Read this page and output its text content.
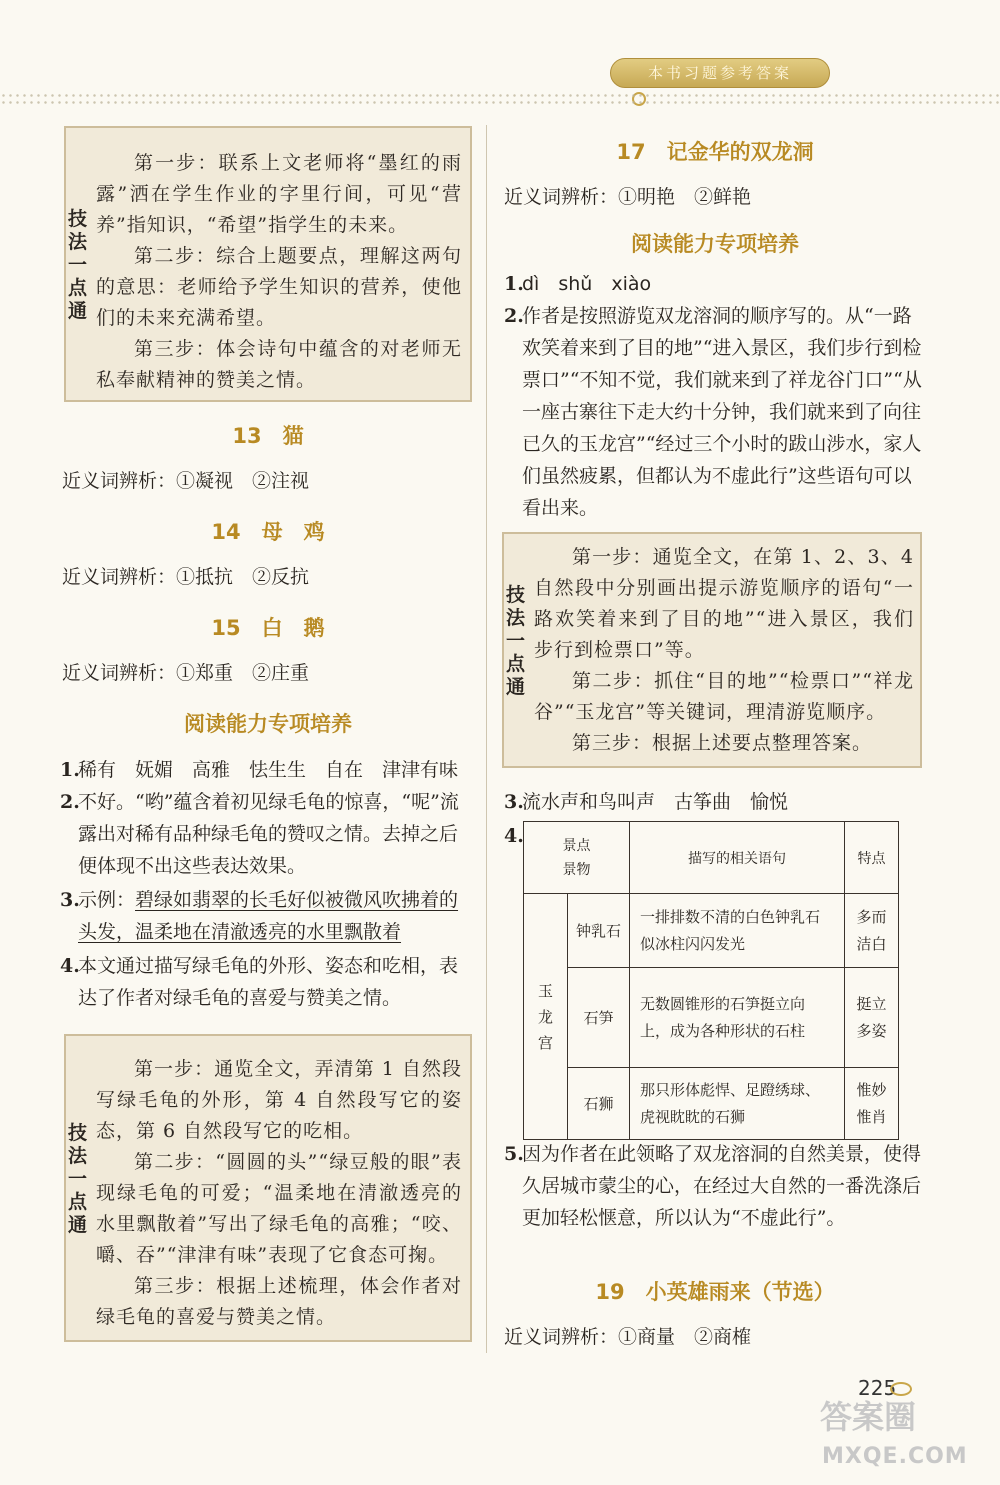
本书习题参考答案
技
法
一
点
通

第一步：联系上文老师将“墨红的雨露”洒在学生作业的字里行间，可见“营养”指知识，“希望”指学生的未来。

第二步：综合上题要点，理解这两句的意思：老师给予学生知识的营养，使他们的未来充满希望。

第三步：体会诗句中蕴含的对老师无私奉献精神的赞美之情。

13　猫
近义词辨析：①凝视　②注视
14　母　鸡
近义词辨析：①抵抗　②反抗
15　白　鹅
近义词辨析：①郑重　②庄重
阅读能力专项培养
1.
稀有　妩媚　高雅　怯生生　自在　津津有味
2.
不好。“哟”蕴含着初见绿毛龟的惊喜，“呢”流露出对稀有品种绿毛龟的赞叹之情。去掉之后便体现不出这些表达效果。
3.
示例：碧绿如翡翠的长毛好似被微风吹拂着的头发，温柔地在清澈透亮的水里飘散着
4.
本文通过描写绿毛龟的外形、姿态和吃相，表达了作者对绿毛龟的喜爱与赞美之情。
技
法
一
点
通

第一步：通览全文，弄清第 1 自然段写绿毛龟的外形，第 4 自然段写它的姿态，第 6 自然段写它的吃相。

第二步：“圆圆的头”“绿豆般的眼”表现绿毛龟的可爱；“温柔地在清澈透亮的水里飘散着”写出了绿毛龟的高雅；“咬、嚼、吞”“津津有味”表现了它食态可掬。

第三步：根据上述梳理，体会作者对绿毛龟的喜爱与赞美之情。

17　记金华的双龙洞
近义词辨析：①明艳　②鲜艳
阅读能力专项培养
1.
dì　shǔ　xiào
2.
作者是按照游览双龙溶洞的顺序写的。从“一路欢笑着来到了目的地”“进入景区，我们步行到检票口”“不知不觉，我们就来到了祥龙谷门口”“从一座古寨往下走大约十分钟，我们就来到了向往已久的玉龙宫”“经过三个小时的跋山涉水，家人们虽然疲累，但都认为不虚此行”这些语句可以看出来。
技
法
一
点
通

第一步：通览全文，在第 1、2、3、4 自然段中分别画出提示游览顺序的语句“一路欢笑着来到了目的地”“进入景区，我们步行到检票口”等。

第二步：抓住“目的地”“检票口”“祥龙谷”“玉龙宫”等关键词，理清游览顺序。

第三步：根据上述要点整理答案。

3.
流水声和鸟叫声　古筝曲　愉悦
4.	景点景物		描写的相关语句	特点

玉龙宫	钟乳石	一排排数不清的白色钟乳石似冰柱闪闪发光	多而洁白

	石笋	无数圆锥形的石笋挺立向上，成为各种形状的石柱	挺立多姿

	石狮	那只形体彪悍、足蹬绣球、虎视眈眈的石狮	惟妙惟肖
5.
因为作者在此领略了双龙溶洞的自然美景，使得久居城市蒙尘的心，在经过大自然的一番洗涤后更加轻松惬意，所以认为“不虚此行”。
19　小英雄雨来（节选）
近义词辨析：①商量　②商榷
225
答案圈
MXQE.COM
